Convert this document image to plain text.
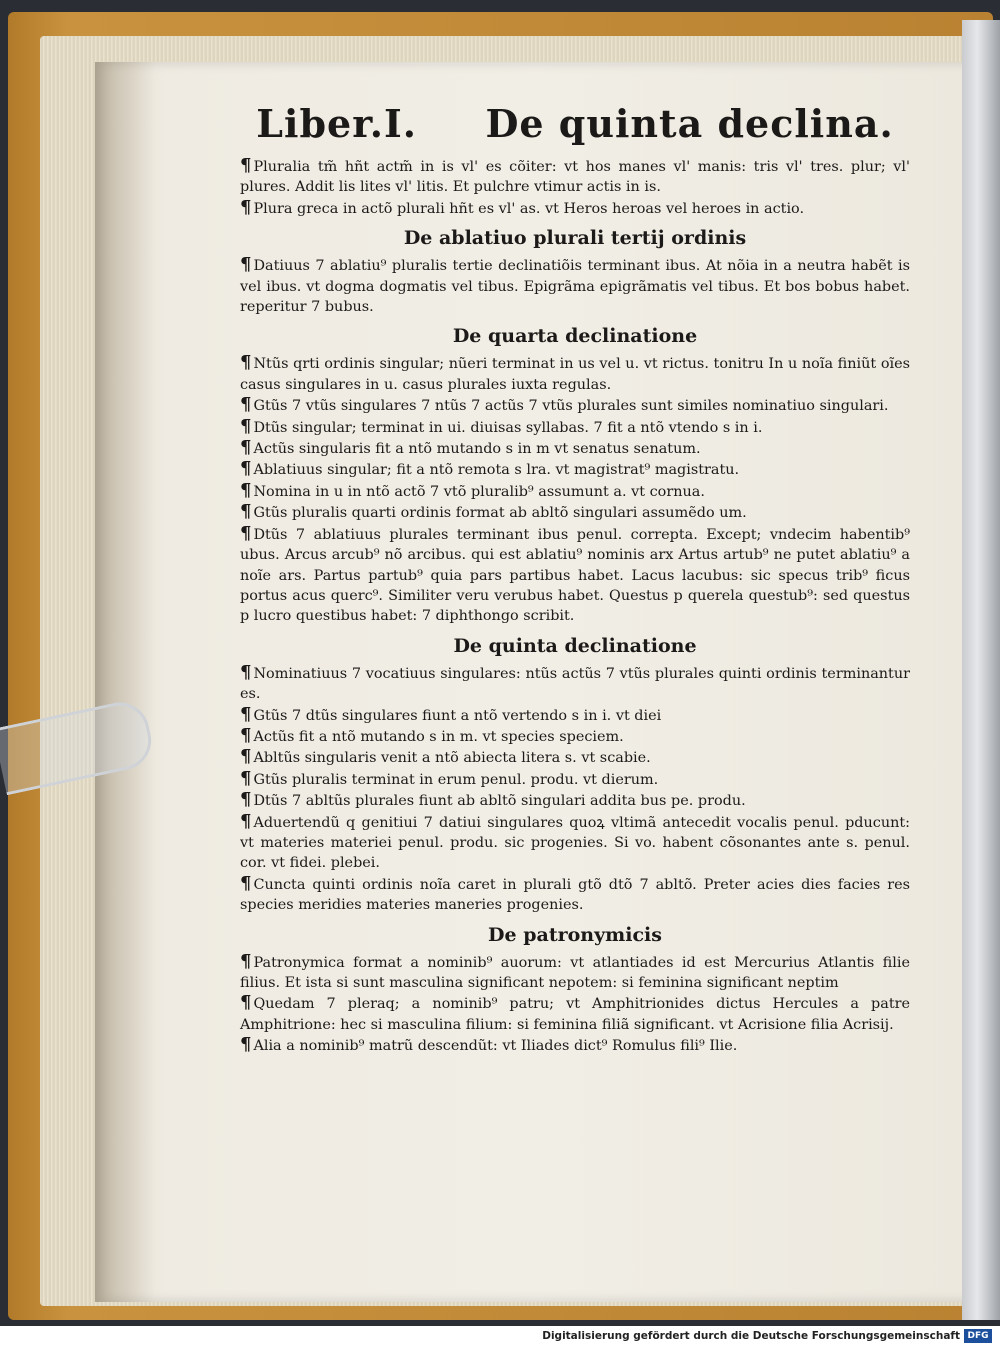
Liber.I. De quinta declina.

¶ Pluralia tm̃ hñt actm̃ in is vl' es cõiter: vt hos manes vl' manis: tris vl' tres. plur; vl' plures. Addit lis lites vl' litis. Et pulchre vtimur actis in is.

¶ Plura greca in actõ plurali hñt es vl' as. vt Heros heroas vel heroes in actio.

De ablatiuo plurali tertij ordinis

¶ Datiuus 7 ablatiu⁹ pluralis tertie declinatiõis terminant ibus. At nõia in a neutra habẽt is vel ibus. vt dogma dogmatis vel tibus. Epigrãma epigrãmatis vel tibus. Et bos bobus habet. reperitur 7 bubus.

De quarta declinatione

¶ Ntũs qrti ordinis singular; nũeri terminat in us vel u. vt rictus. tonitru In u noĩa finiũt oĩes casus singulares in u. casus plurales iuxta regulas.

¶ Gtũs 7 vtũs singulares 7 ntũs 7 actũs 7 vtũs plurales sunt similes nominatiuo singulari.

¶ Dtũs singular; terminat in ui. diuisas syllabas. 7 fit a ntõ vtendo s in i.

¶ Actũs singularis fit a ntõ mutando s in m vt senatus senatum.

¶ Ablatiuus singular; fit a ntõ remota s lra. vt magistrat⁹ magistratu.

¶ Nomina in u in ntõ actõ 7 vtõ pluralib⁹ assumunt a. vt cornua.

¶ Gtũs pluralis quarti ordinis format ab abltõ singulari assumẽdo um.

¶ Dtũs 7 ablatiuus plurales terminant ibus penul. correpta. Except; vndecim habentib⁹ ubus. Arcus arcub⁹ nõ arcibus. qui est ablatiu⁹ nominis arx Artus artub⁹ ne putet ablatiu⁹ a noĩe ars. Partus partub⁹ quia pars partibus habet. Lacus lacubus: sic specus trib⁹ ficus portus acus querc⁹. Similiter veru verubus habet. Questus p querela questub⁹: sed questus p lucro questibus habet: 7 diphthongo scribit.

De quinta declinatione

¶ Nominatiuus 7 vocatiuus singulares: ntũs actũs 7 vtũs plurales quinti ordinis terminantur es.

¶ Gtũs 7 dtũs singulares fiunt a ntõ vertendo s in i. vt diei

¶ Actũs fit a ntõ mutando s in m. vt species speciem.

¶ Abltũs singularis venit a ntõ abiecta litera s. vt scabie.

¶ Gtũs pluralis terminat in erum penul. produ. vt dierum.

¶ Dtũs 7 abltũs plurales fiunt ab abltõ singulari addita bus pe. produ.

¶ Aduertendũ q genitiui 7 datiui singulares quoꝝ vltimã antecedit vocalis penul. pducunt: vt materies materiei penul. produ. sic progenies. Si vo. habent cõsonantes ante s. penul. cor. vt fidei. plebei.

¶ Cuncta quinti ordinis noĩa caret in plurali gtõ dtõ 7 abltõ. Preter acies dies facies res species meridies materies maneries progenies.

De patronymicis

¶ Patronymica format a nominib⁹ auorum: vt atlantiades id est Mercurius Atlantis filie filius. Et ista si sunt masculina significant nepotem: si feminina significant neptim

¶ Quedam 7 pleraq; a nominib⁹ patru; vt Amphitrionides dictus Hercules a patre Amphitrione: hec si masculina filium: si feminina filiã significant. vt Acrisione filia Acrisij.

¶ Alia a nominib⁹ matrũ descendũt: vt Iliades dict⁹ Romulus fili⁹ Ilie.

Digitalisierung gefördert durch die Deutsche Forschungsgemeinschaft DFG
